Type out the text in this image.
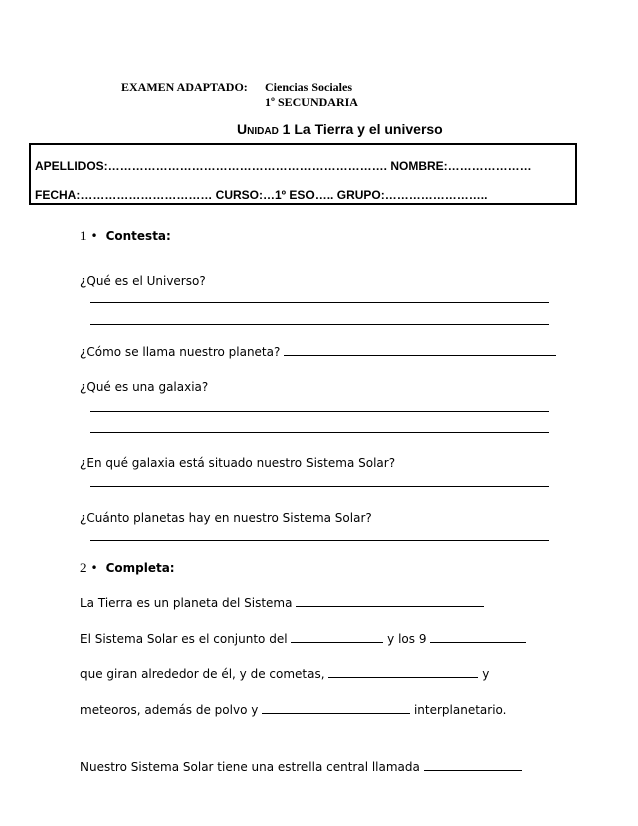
EXAMEN ADAPTADO: Ciencias Sociales
1º SECUNDARIA
UNIDAD 1 La Tierra y el universo
APELLIDOS:……………………………………………………………. NOMBRE:…………………
FECHA:…………………………… CURSO:…1º ESO….. GRUPO:……………………..
1 • Contesta:
¿Qué es el Universo?
¿Cómo se llama nuestro planeta?
¿Qué es una galaxia?
¿En qué galaxia está situado nuestro Sistema Solar?
¿Cuánto planetas hay en nuestro Sistema Solar?
2 • Completa:
La Tierra es un planeta del Sistema
El Sistema Solar es el conjunto del	y los 9
que giran alrededor de él, y de cometas,	y
meteoros, además de polvo y	interplanetario.
Nuestro Sistema Solar tiene una estrella central llamada
